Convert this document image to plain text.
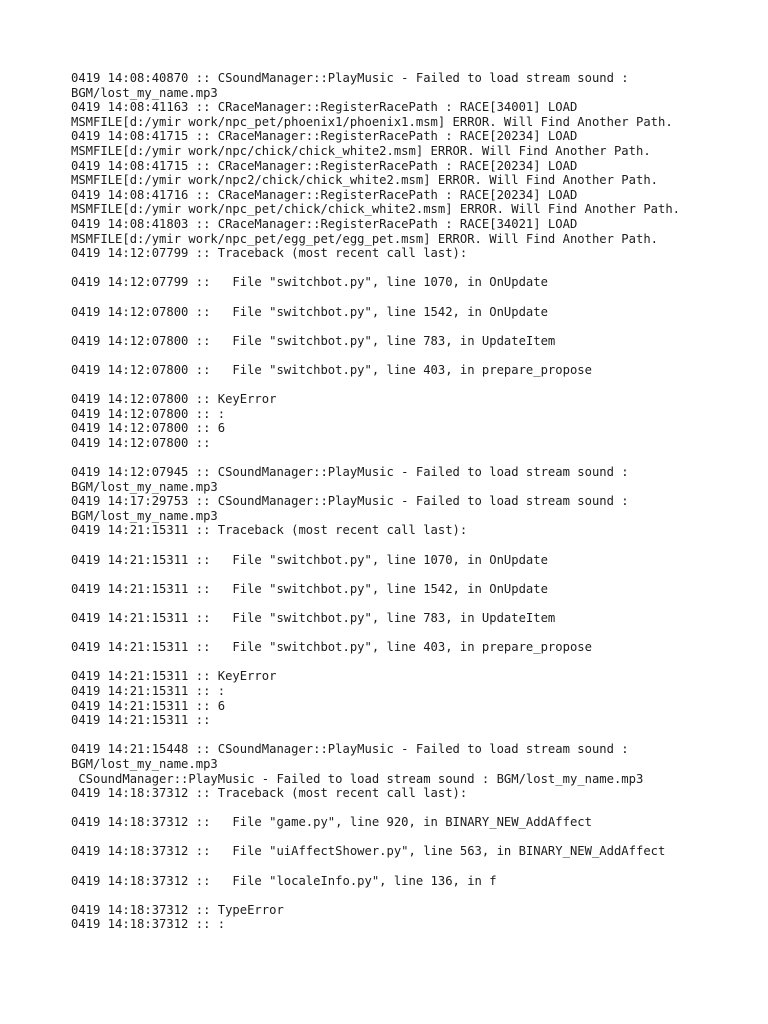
0419 14:08:40870 :: CSoundManager::PlayMusic - Failed to load stream sound :
BGM/lost_my_name.mp3
0419 14:08:41163 :: CRaceManager::RegisterRacePath : RACE[34001] LOAD
MSMFILE[d:/ymir work/npc_pet/phoenix1/phoenix1.msm] ERROR. Will Find Another Path.
0419 14:08:41715 :: CRaceManager::RegisterRacePath : RACE[20234] LOAD
MSMFILE[d:/ymir work/npc/chick/chick_white2.msm] ERROR. Will Find Another Path.
0419 14:08:41715 :: CRaceManager::RegisterRacePath : RACE[20234] LOAD
MSMFILE[d:/ymir work/npc2/chick/chick_white2.msm] ERROR. Will Find Another Path.
0419 14:08:41716 :: CRaceManager::RegisterRacePath : RACE[20234] LOAD
MSMFILE[d:/ymir work/npc_pet/chick/chick_white2.msm] ERROR. Will Find Another Path.
0419 14:08:41803 :: CRaceManager::RegisterRacePath : RACE[34021] LOAD
MSMFILE[d:/ymir work/npc_pet/egg_pet/egg_pet.msm] ERROR. Will Find Another Path.
0419 14:12:07799 :: Traceback (most recent call last):
0419 14:12:07799 ::   File "switchbot.py", line 1070, in OnUpdate
0419 14:12:07800 ::   File "switchbot.py", line 1542, in OnUpdate
0419 14:12:07800 ::   File "switchbot.py", line 783, in UpdateItem
0419 14:12:07800 ::   File "switchbot.py", line 403, in prepare_propose
0419 14:12:07800 :: KeyError
0419 14:12:07800 :: :
0419 14:12:07800 :: 6
0419 14:12:07800 ::
0419 14:12:07945 :: CSoundManager::PlayMusic - Failed to load stream sound :
BGM/lost_my_name.mp3
0419 14:17:29753 :: CSoundManager::PlayMusic - Failed to load stream sound :
BGM/lost_my_name.mp3
0419 14:21:15311 :: Traceback (most recent call last):
0419 14:21:15311 ::   File "switchbot.py", line 1070, in OnUpdate
0419 14:21:15311 ::   File "switchbot.py", line 1542, in OnUpdate
0419 14:21:15311 ::   File "switchbot.py", line 783, in UpdateItem
0419 14:21:15311 ::   File "switchbot.py", line 403, in prepare_propose
0419 14:21:15311 :: KeyError
0419 14:21:15311 :: :
0419 14:21:15311 :: 6
0419 14:21:15311 ::
0419 14:21:15448 :: CSoundManager::PlayMusic - Failed to load stream sound :
BGM/lost_my_name.mp3
CSoundManager::PlayMusic - Failed to load stream sound : BGM/lost_my_name.mp3
0419 14:18:37312 :: Traceback (most recent call last):
0419 14:18:37312 ::   File "game.py", line 920, in BINARY_NEW_AddAffect
0419 14:18:37312 ::   File "uiAffectShower.py", line 563, in BINARY_NEW_AddAffect
0419 14:18:37312 ::   File "localeInfo.py", line 136, in f
0419 14:18:37312 :: TypeError
0419 14:18:37312 :: :
